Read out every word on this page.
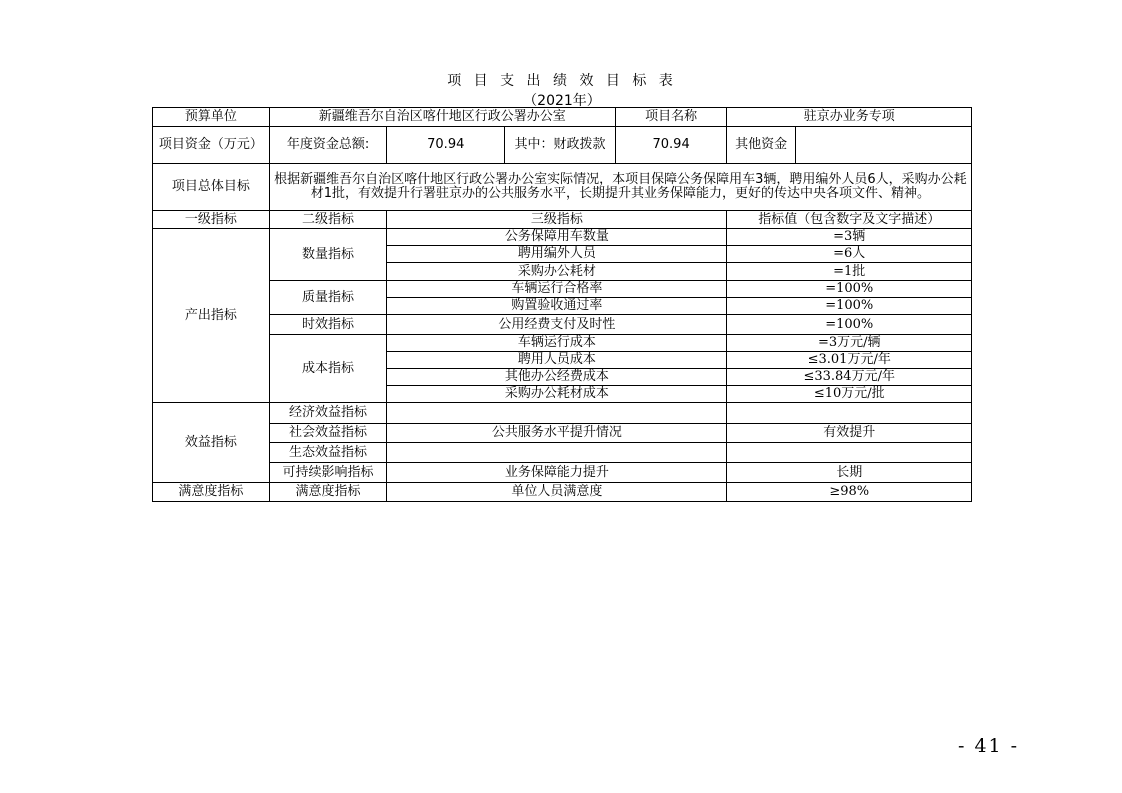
项 目 支 出 绩 效 目 标 表
（2021年）
预算单位	新疆维吾尔自治区喀什地区行政公署办公室			项目名称	驻京办业务专项	
项目资金（万元）	年度资金总额:	70.94	其中：财政拨款	70.94	其他资金	
项目总体目标	根据新疆维吾尔自治区喀什地区行政公署办公室实际情况，本项目保障公务保障用车3辆，聘用编外人员6人，采购办公耗材1批，有效提升行署驻京办的公共服务水平，长期提升其业务保障能力，更好的传达中央各项文件、精神。					
一级指标	二级指标	三级指标			指标值（包含数字及文字描述）	
产出指标	数量指标	公务保障用车数量			=3辆	
		聘用编外人员			=6人	
		采购办公耗材			=1批	
	质量指标	车辆运行合格率			=100%	
		购置验收通过率			=100%	
	时效指标	公用经费支付及时性			=100%	
	成本指标	车辆运行成本			=3万元/辆	
		聘用人员成本			≤3.01万元/年	
		其他办公经费成本			≤33.84万元/年	
		采购办公耗材成本			≤10万元/批	
效益指标	经济效益指标					
	社会效益指标	公共服务水平提升情况			有效提升	
	生态效益指标					
	可持续影响指标	业务保障能力提升			长期	
满意度指标	满意度指标	单位人员满意度			≥98%	
- 41 -
